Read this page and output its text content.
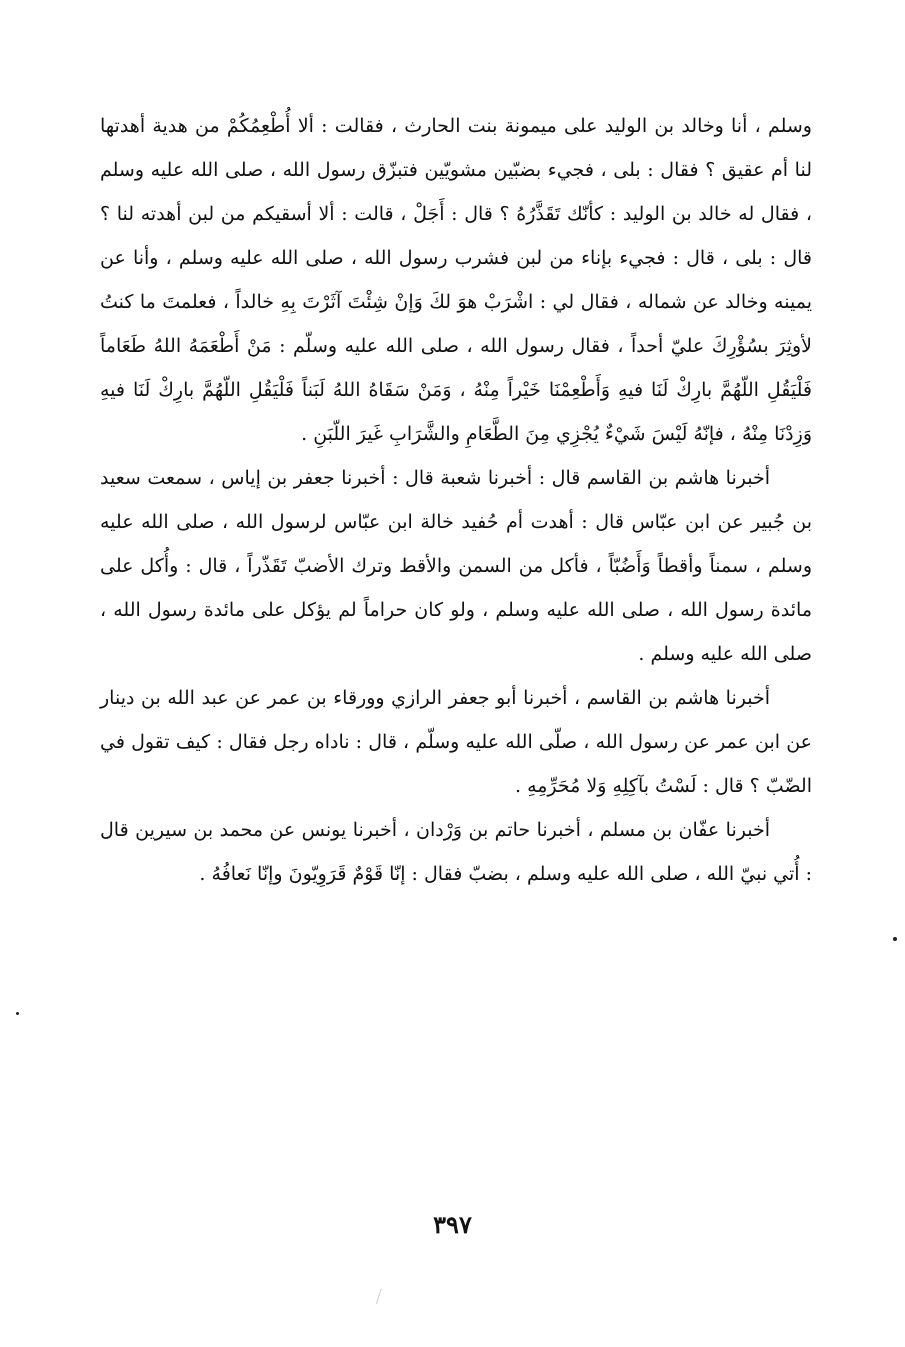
وسلم ، أنا وخالد بن الوليد على ميمونة بنت الحارث ، فقالت : ألا أُطْعِمُكُمْ من هدية أهدتها لنا أم عقيق ؟ فقال : بلى ، فجيء بضبّين مشويّين فتبزّق رسول الله ، صلى الله عليه وسلم ، فقال له خالد بن الوليد : كأنّك تَقَذَّرُهُ ؟ قال : أَجَلْ ، قالت : ألا أسقيكم من لبن أهدته لنا ؟ قال : بلى ، قال : فجيء بإناء من لبن فشرب رسول الله ، صلى الله عليه وسلم ، وأنا عن يمينه وخالد عن شماله ، فقال لي : اشْرَبْ هوَ لكَ وَإنْ شِئْتَ آثَرْتَ بِهِ خالداً ، فعلمتَ ما كنتُ لأوثِرَ بسُؤْرِكَ عليّ أحداً ، فقال رسول الله ، صلى الله عليه وسلّم : مَنْ أَطْعَمَهُ اللهُ طَعَاماً فَلْيَقُلِ اللّهُمَّ بارِكْ لَنَا فيهِ وَأَطْعِمْنَا خَيْراً مِنْهُ ، وَمَنْ سَقَاهُ اللهُ لَبَناً فَلْيَقُلِ اللّهُمَّ بارِكْ لَنَا فيهِ وَزِدْنَا مِنْهُ ، فإنّهُ لَيْسَ شَيْءٌ يُجْزِي مِنَ الطَّعَامِ والشَّرَابِ غَيرَ اللّبَنِ .

أخبرنا هاشم بن القاسم قال : أخبرنا شعبة قال : أخبرنا جعفر بن إياس ، سمعت سعيد بن جُبير عن ابن عبّاس قال : أهدت أم حُفيد خالة ابن عبّاس لرسول الله ، صلى الله عليه وسلم ، سمناً وأقطاً وَأَضُبّاً ، فأكل من السمن والأقط وترك الأضبّ تَقَذّراً ، قال : وأُكل على مائدة رسول الله ، صلى الله عليه وسلم ، ولو كان حراماً لم يؤكل على مائدة رسول الله ، صلى الله عليه وسلم .

أخبرنا هاشم بن القاسم ، أخبرنا أبو جعفر الرازي وورقاء بن عمر عن عبد الله بن دينار عن ابن عمر عن رسول الله ، صلّى الله عليه وسلّم ، قال : ناداه رجل فقال : كيف تقول في الضّبّ ؟ قال : لَسْتُ بآكِلِهِ وَلا مُحَرِّمِهِ .

أخبرنا عفّان بن مسلم ، أخبرنا حاتم بن وَرْدان ، أخبرنا يونس عن محمد بن سيرين قال : أُتي نبيّ الله ، صلى الله عليه وسلم ، بضبّ فقال : إنّا قَوْمٌ قَرَوِيّونَ وإنّا نَعافُهُ .

٣٩٧
